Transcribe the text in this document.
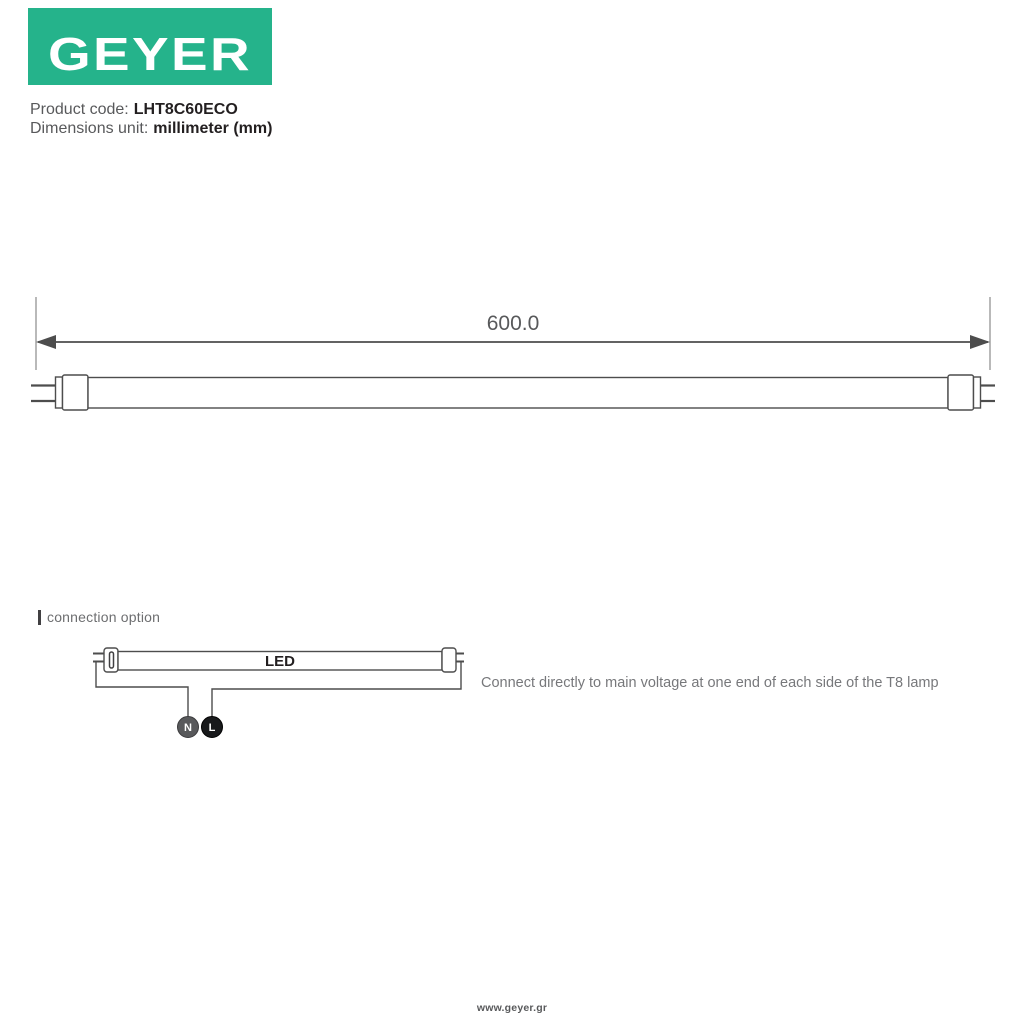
GEYER
Product code: LHT8C60ECO
Dimensions unit: millimeter (mm)
600.0
connection option
LED
N L
Connect directly to main voltage at one end of each side of the T8 lamp
www.geyer.gr
